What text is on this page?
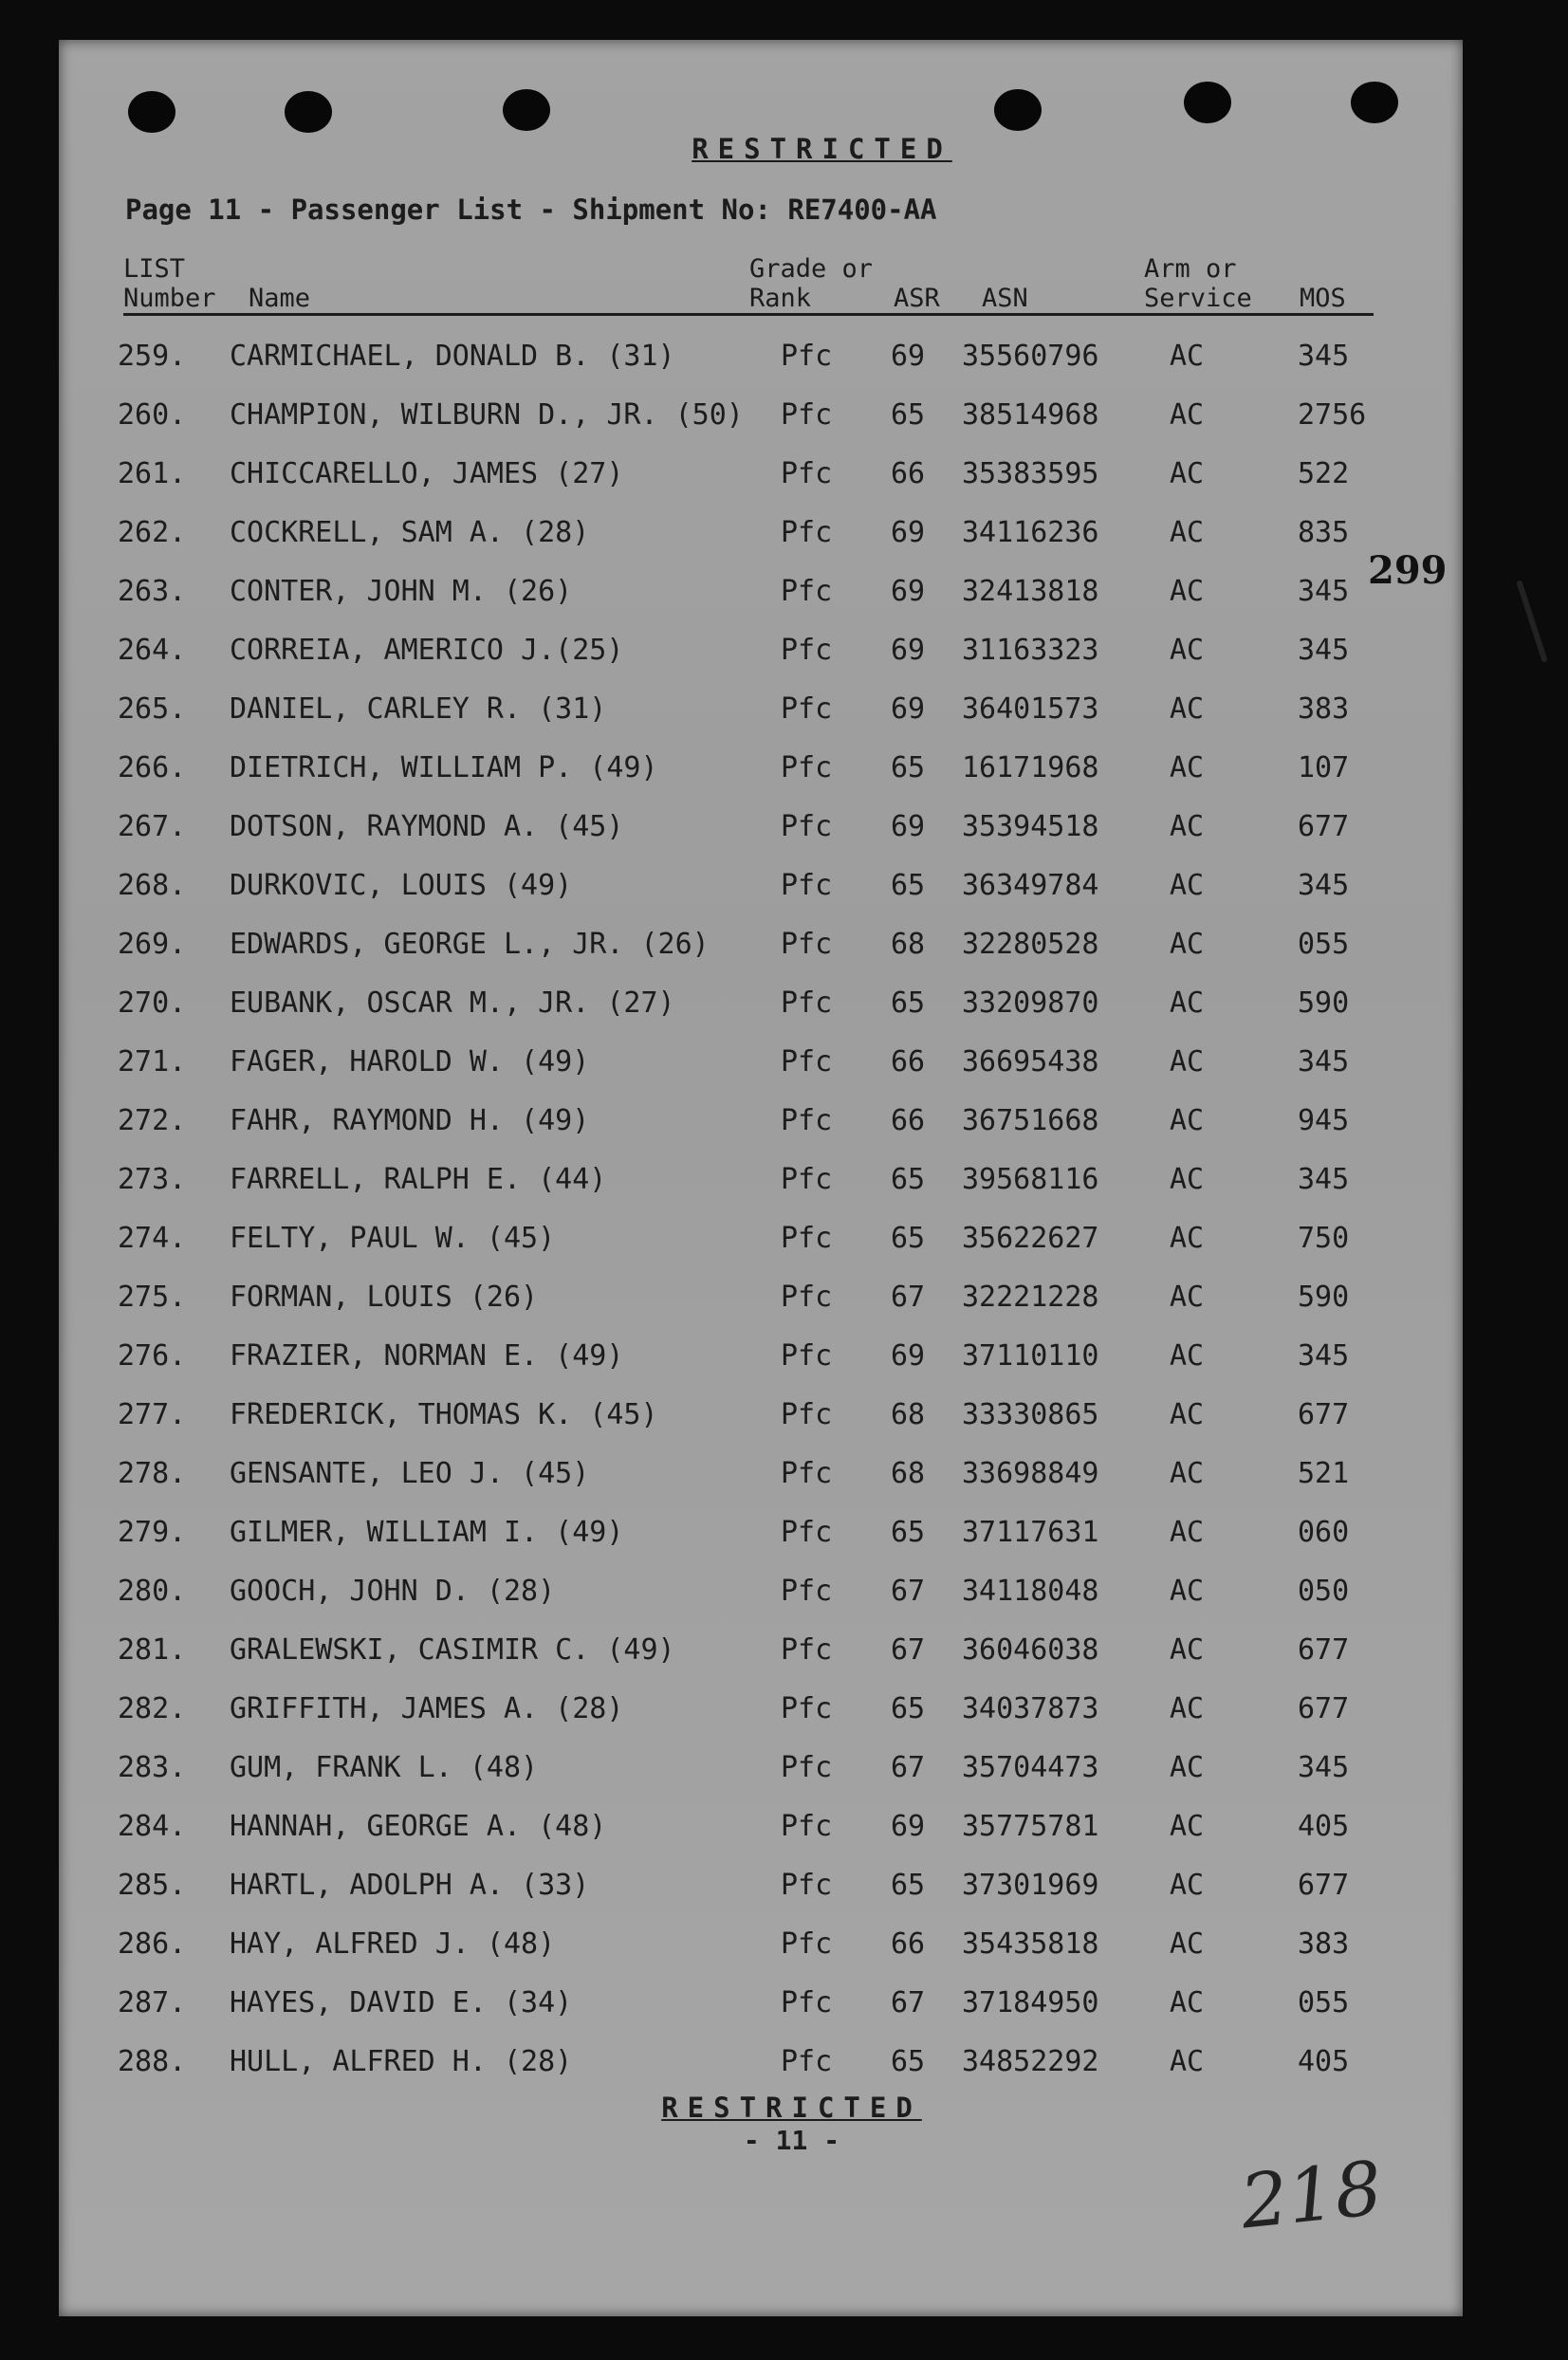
RESTRICTED
Page 11 - Passenger List - Shipment No: RE7400-AA
LIST
Number Name
Grade or
Rank	ASR ASN
Arm or
Service MOS
259. CARMICHAEL, DONALD B. (31)	Pfc 69 35560796 AC	345
260. CHAMPION, WILBURN D., JR. (50) Pfc 65 38514968 AC	2756
261. CHICCARELLO, JAMES (27)	Pfc 66 35383595 AC	522
262. COCKRELL, SAM A. (28)	Pfc 69 34116236 AC	835
263. CONTER, JOHN M. (26)	Pfc 69 32413818 AC	345
264. CORREIA, AMERICO J.(25)	Pfc 69 31163323 AC	345
265. DANIEL, CARLEY R. (31)	Pfc 69 36401573 AC	383
266. DIETRICH, WILLIAM P. (49)	Pfc 65 16171968 AC	107
267. DOTSON, RAYMOND A. (45)	Pfc 69 35394518 AC	677
268. DURKOVIC, LOUIS (49)	Pfc 65 36349784 AC	345
269. EDWARDS, GEORGE L., JR. (26)	Pfc 68 32280528 AC	055
270. EUBANK, OSCAR M., JR. (27)	Pfc 65 33209870 AC	590
271. FAGER, HAROLD W. (49)	Pfc 66 36695438 AC	345
272. FAHR, RAYMOND H. (49)	Pfc 66 36751668 AC	945
273. FARRELL, RALPH E. (44)	Pfc 65 39568116 AC	345
274. FELTY, PAUL W. (45)	Pfc 65 35622627 AC	750
275. FORMAN, LOUIS (26)	Pfc 67 32221228 AC	590
276. FRAZIER, NORMAN E. (49)	Pfc 69 37110110 AC	345
277. FREDERICK, THOMAS K. (45)	Pfc 68 33330865 AC	677
278. GENSANTE, LEO J. (45)	Pfc 68 33698849 AC	521
279. GILMER, WILLIAM I. (49)	Pfc 65 37117631 AC	060
280. GOOCH, JOHN D. (28)	Pfc 67 34118048 AC	050
281. GRALEWSKI, CASIMIR C. (49)	Pfc 67 36046038 AC	677
282. GRIFFITH, JAMES A. (28)	Pfc 65 34037873 AC	677
283. GUM, FRANK L. (48)	Pfc 67 35704473 AC	345
284. HANNAH, GEORGE A. (48)	Pfc 69 35775781 AC	405
285. HARTL, ADOLPH A. (33)	Pfc 65 37301969 AC	677
286. HAY, ALFRED J. (48)	Pfc 66 35435818 AC	383
287. HAYES, DAVID E. (34)	Pfc 67 37184950 AC	055
288. HULL, ALFRED H. (28)	Pfc 65 34852292 AC	405
299
RESTRICTED
- 11 -
218
